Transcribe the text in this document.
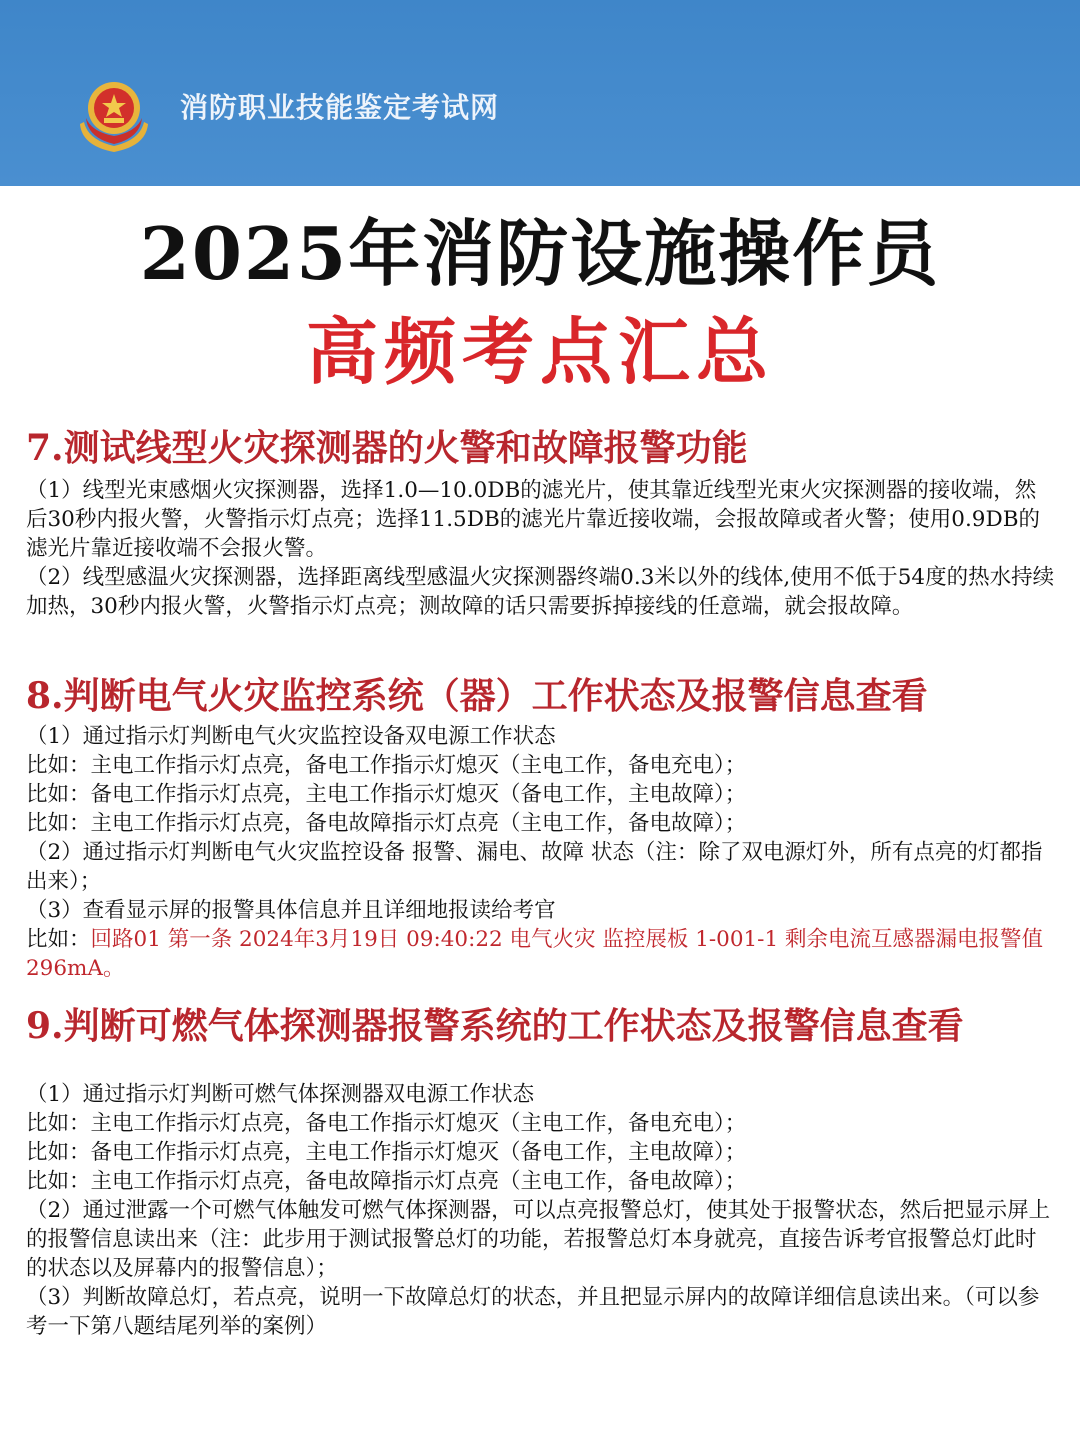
消防职业技能鉴定考试网
2025年消防设施操作员
高频考点汇总
7.测试线型火灾探测器的火警和故障报警功能

（1）线型光束感烟火灾探测器，选择1.0—10.0DB的滤光片，使其靠近线型光束火灾探测器的接收端，然后30秒内报火警，火警指示灯点亮；选择11.5DB的滤光片靠近接收端，会报故障或者火警；使用0.9DB的滤光片靠近接收端不会报火警。

（2）线型感温火灾探测器，选择距离线型感温火灾探测器终端0.3米以外的线体,使用不低于54度的热水持续加热，30秒内报火警，火警指示灯点亮；测故障的话只需要拆掉接线的任意端，就会报故障。

8.判断电气火灾监控系统（器）工作状态及报警信息查看

（1）通过指示灯判断电气火灾监控设备双电源工作状态

比如：主电工作指示灯点亮，备电工作指示灯熄灭（主电工作，备电充电）；

比如：备电工作指示灯点亮，主电工作指示灯熄灭（备电工作，主电故障）；

比如：主电工作指示灯点亮，备电故障指示灯点亮（主电工作，备电故障）；

（2）通过指示灯判断电气火灾监控设备 报警、漏电、故障 状态（注：除了双电源灯外，所有点亮的灯都指出来）；

（3）查看显示屏的报警具体信息并且详细地报读给考官

比如：回路01 第一条 2024年3月19日 09:40:22 电气火灾 监控展板 1-001-1 剩余电流互感器漏电报警值 296mA。

9.判断可燃气体探测器报警系统的工作状态及报警信息查看

（1）通过指示灯判断可燃气体探测器双电源工作状态

比如：主电工作指示灯点亮，备电工作指示灯熄灭（主电工作，备电充电）；

比如：备电工作指示灯点亮，主电工作指示灯熄灭（备电工作，主电故障）；

比如：主电工作指示灯点亮，备电故障指示灯点亮（主电工作，备电故障）；

（2）通过泄露一个可燃气体触发可燃气体探测器，可以点亮报警总灯，使其处于报警状态，然后把显示屏上的报警信息读出来（注：此步用于测试报警总灯的功能，若报警总灯本身就亮，直接告诉考官报警总灯此时的状态以及屏幕内的报警信息）；

（3）判断故障总灯，若点亮，说明一下故障总灯的状态，并且把显示屏内的故障详细信息读出来。（可以参考一下第八题结尾列举的案例）
